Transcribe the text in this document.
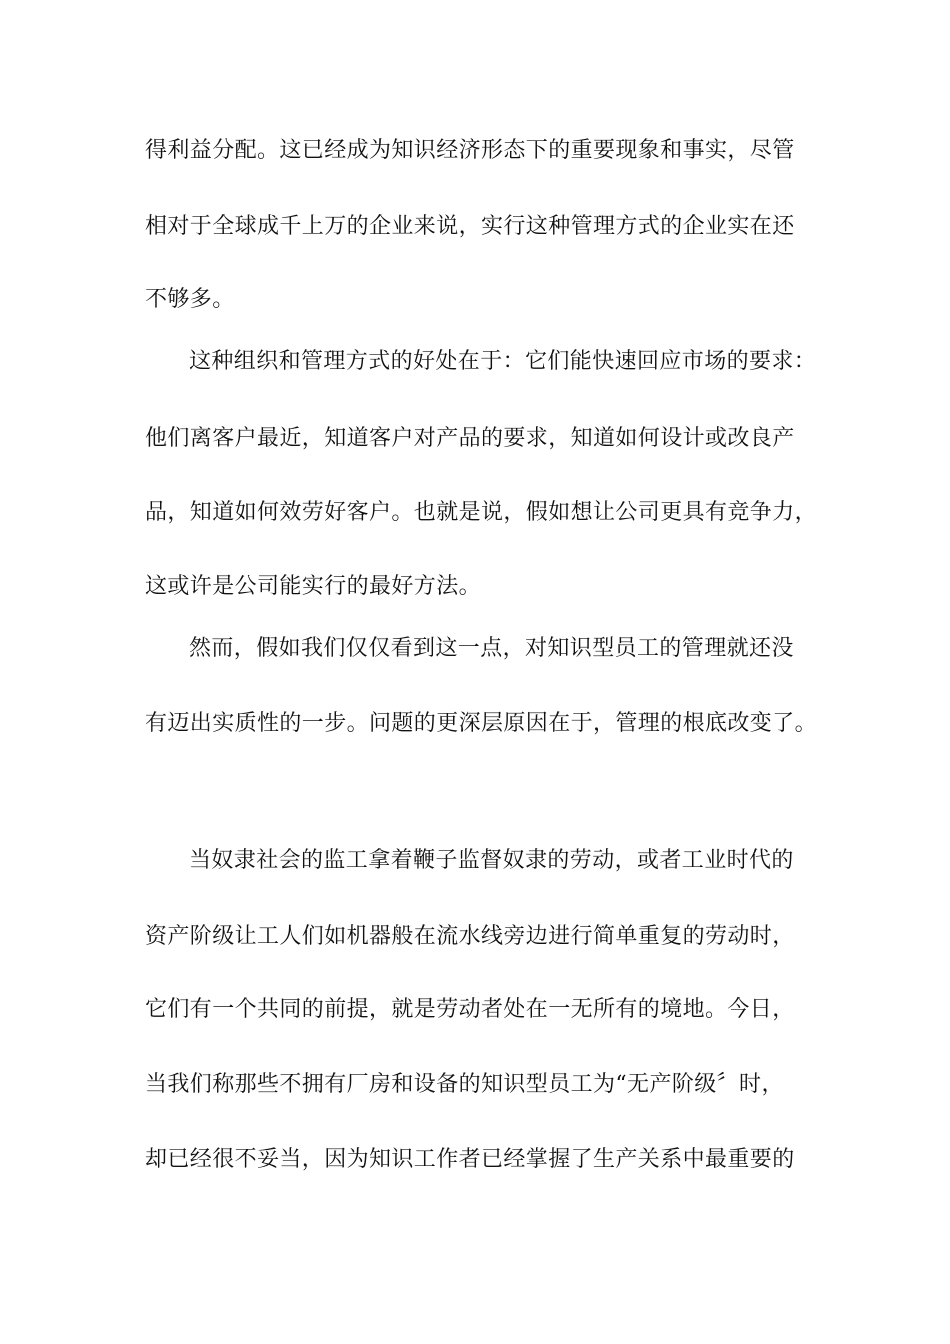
得利益分配。这已经成为知识经济形态下的重要现象和事实，尽管
相对于全球成千上万的企业来说，实行这种管理方式的企业实在还
不够多。
这种组织和管理方式的好处在于：它们能快速回应市场的要求：
他们离客户最近，知道客户对产品的要求，知道如何设计或改良产
品，知道如何效劳好客户。也就是说，假如想让公司更具有竞争力，
这或许是公司能实行的最好方法。
然而，假如我们仅仅看到这一点，对知识型员工的管理就还没
有迈出实质性的一步。问题的更深层原因在于，管理的根底改变了。
当奴隶社会的监工拿着鞭子监督奴隶的劳动，或者工业时代的
资产阶级让工人们如机器般在流水线旁边进行简单重复的劳动时，
它们有一个共同的前提，就是劳动者处在一无所有的境地。今日，
当我们称那些不拥有厂房和设备的知识型员工为“无产阶级〞时，
却已经很不妥当，因为知识工作者已经掌握了生产关系中最重要的
